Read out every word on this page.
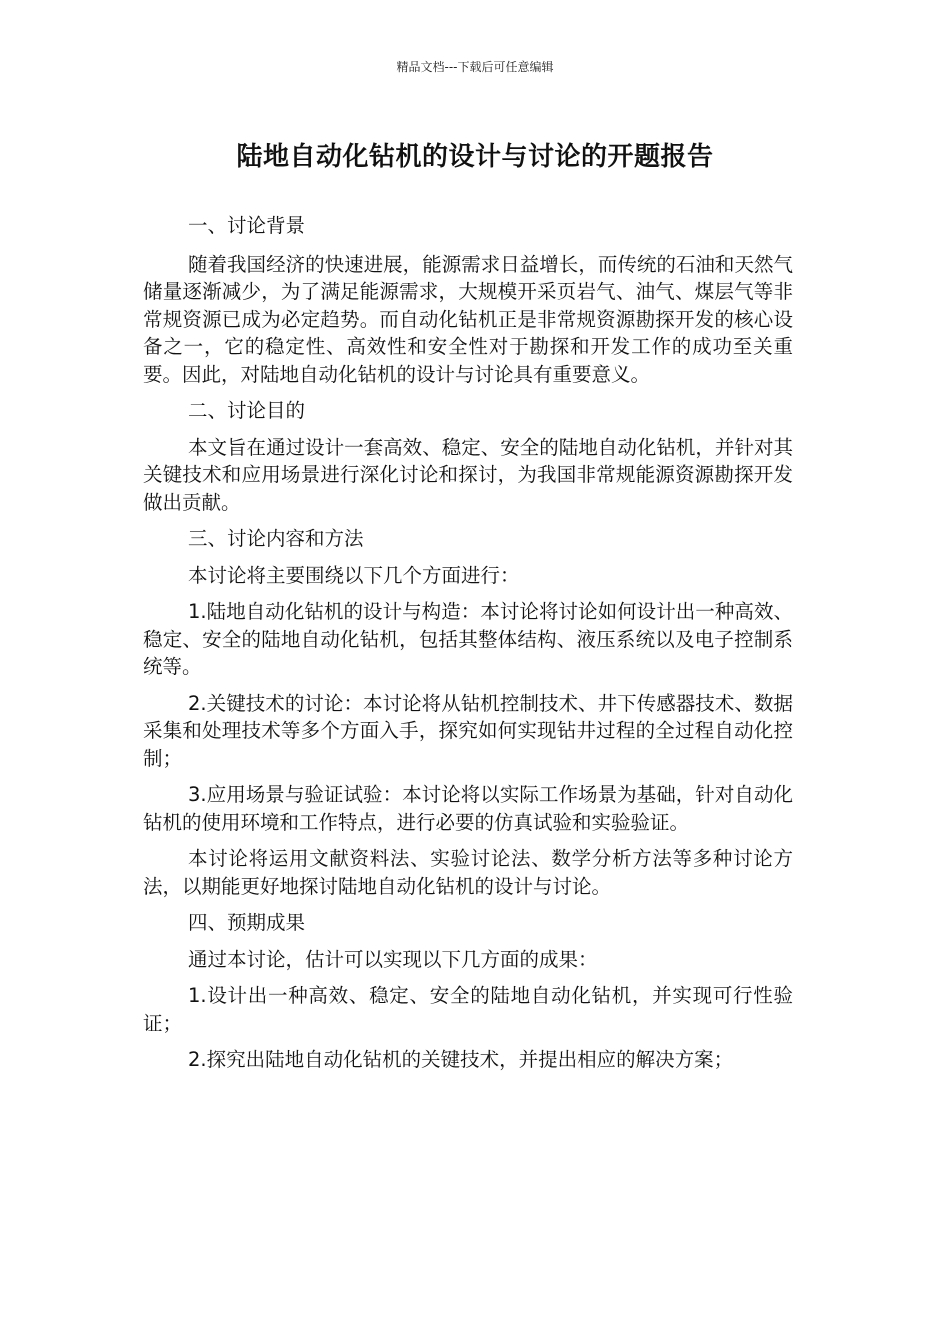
精品文档---下载后可任意编辑
陆地自动化钻机的设计与讨论的开题报告

一、讨论背景

随着我国经济的快速进展，能源需求日益增长，而传统的石油和天然气储量逐渐减少，为了满足能源需求，大规模开采页岩气、油气、煤层气等非常规资源已成为必定趋势。而自动化钻机正是非常规资源勘探开发的核心设备之一，它的稳定性、高效性和安全性对于勘探和开发工作的成功至关重要。因此，对陆地自动化钻机的设计与讨论具有重要意义。

二、讨论目的

本文旨在通过设计一套高效、稳定、安全的陆地自动化钻机，并针对其关键技术和应用场景进行深化讨论和探讨，为我国非常规能源资源勘探开发做出贡献。

三、讨论内容和方法

本讨论将主要围绕以下几个方面进行：

1.陆地自动化钻机的设计与构造：本讨论将讨论如何设计出一种高效、稳定、安全的陆地自动化钻机，包括其整体结构、液压系统以及电子控制系统等。

2.关键技术的讨论：本讨论将从钻机控制技术、井下传感器技术、数据采集和处理技术等多个方面入手，探究如何实现钻井过程的全过程自动化控制；

3.应用场景与验证试验：本讨论将以实际工作场景为基础，针对自动化钻机的使用环境和工作特点，进行必要的仿真试验和实验验证。

本讨论将运用文献资料法、实验讨论法、数学分析方法等多种讨论方法，以期能更好地探讨陆地自动化钻机的设计与讨论。

四、预期成果

通过本讨论，估计可以实现以下几方面的成果：

1.设计出一种高效、稳定、安全的陆地自动化钻机，并实现可行性验证；

2.探究出陆地自动化钻机的关键技术，并提出相应的解决方案；
